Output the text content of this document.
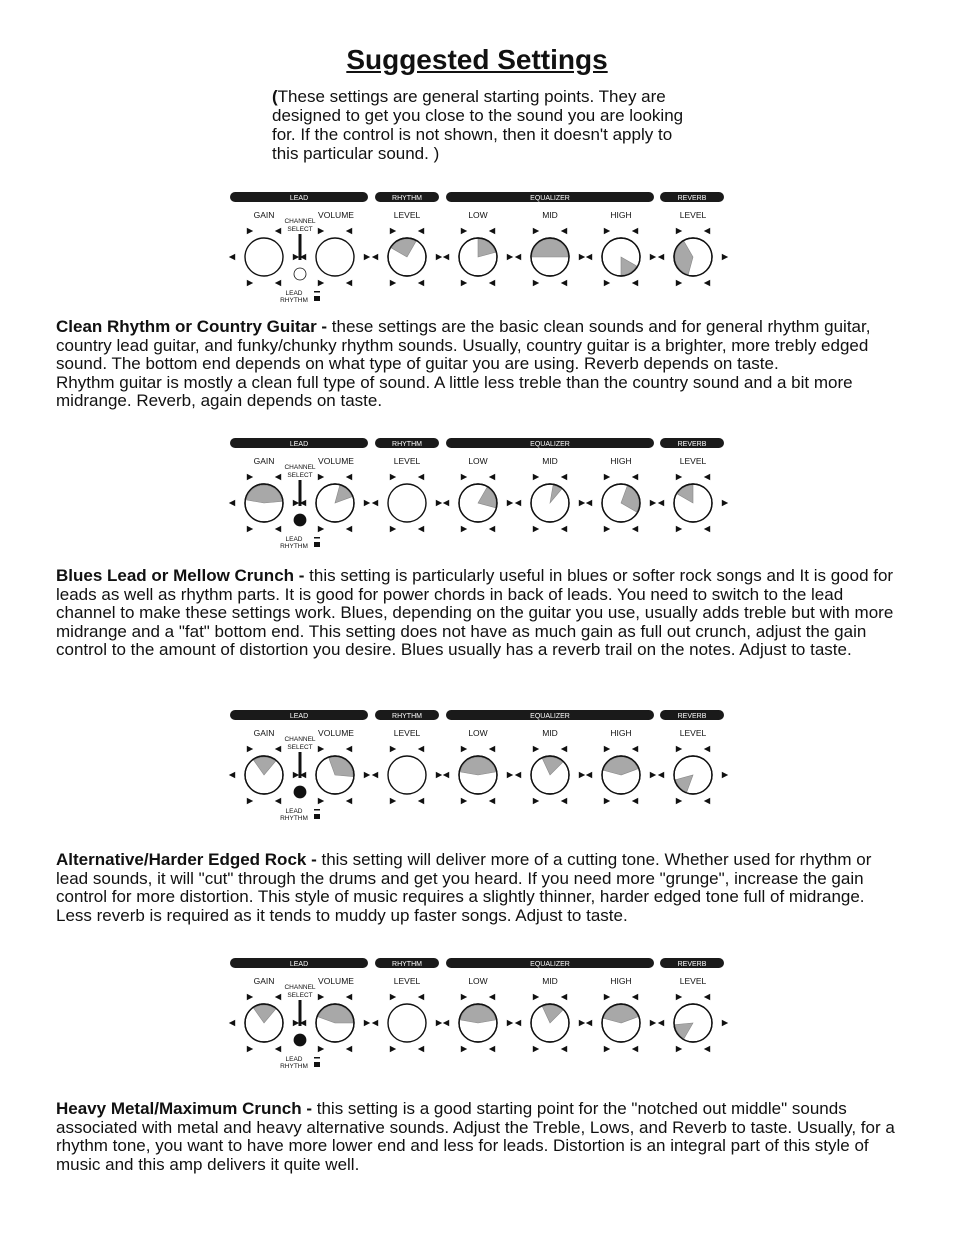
Suggested Settings
(These settings are general starting points. They are designed to get you close to the sound you are looking for. If the control is not shown, then it doesn't apply to this particular sound. )
LEAD	RHYTHM	EQUALIZER	REVERB
GAIN	VOLUME	LEVEL	LOW	MID	HIGH	LEVEL
CHANNEL
SELECT
LEAD
RHYTHM
Clean Rhythm or Country Guitar - these settings are the basic clean sounds and for general rhythm guitar, country lead guitar, and funky/chunky rhythm sounds. Usually, country guitar is a brighter, more trebly edged sound. The bottom end depends on what type of guitar you are using. Reverb depends on taste.
Rhythm guitar is mostly a clean full type of sound. A little less treble than the country sound and a bit more midrange. Reverb, again depends on taste.
LEAD	RHYTHM	EQUALIZER	REVERB
GAIN	VOLUME	LEVEL	LOW	MID	HIGH	LEVEL
CHANNEL
SELECT
LEAD
RHYTHM
Blues Lead or Mellow Crunch - this setting is particularly useful in blues or softer rock songs and It is good for leads as well as rhythm parts. It is good for power chords in back of leads. You need to switch to the lead channel to make these settings work. Blues, depending on the guitar you use, usually adds treble but with more midrange and a "fat" bottom end. This setting does not have as much gain as full out crunch, adjust the gain control to the amount of distortion you desire. Blues usually has a reverb trail on the notes. Adjust to taste.
LEAD	RHYTHM	EQUALIZER	REVERB
GAIN	VOLUME	LEVEL	LOW	MID	HIGH	LEVEL
CHANNEL
SELECT
LEAD
RHYTHM
Alternative/Harder Edged Rock - this setting will deliver more of a cutting tone. Whether used for rhythm or lead sounds, it will "cut" through the drums and get you heard. If you need more "grunge", increase the gain control for more distortion. This style of music requires a slightly thinner, harder edged tone full of midrange. Less reverb is required as it tends to muddy up faster songs. Adjust to taste.
LEAD	RHYTHM	EQUALIZER	REVERB
GAIN	VOLUME	LEVEL	LOW	MID	HIGH	LEVEL
CHANNEL
SELECT
LEAD
RHYTHM
Heavy Metal/Maximum Crunch - this setting is a good starting point for the "notched out middle" sounds associated with metal and heavy alternative sounds. Adjust the Treble, Lows, and Reverb to taste. Usually, for a rhythm tone, you want to have more lower end and less for leads. Distortion is an integral part of this style of music and this amp delivers it quite well.
